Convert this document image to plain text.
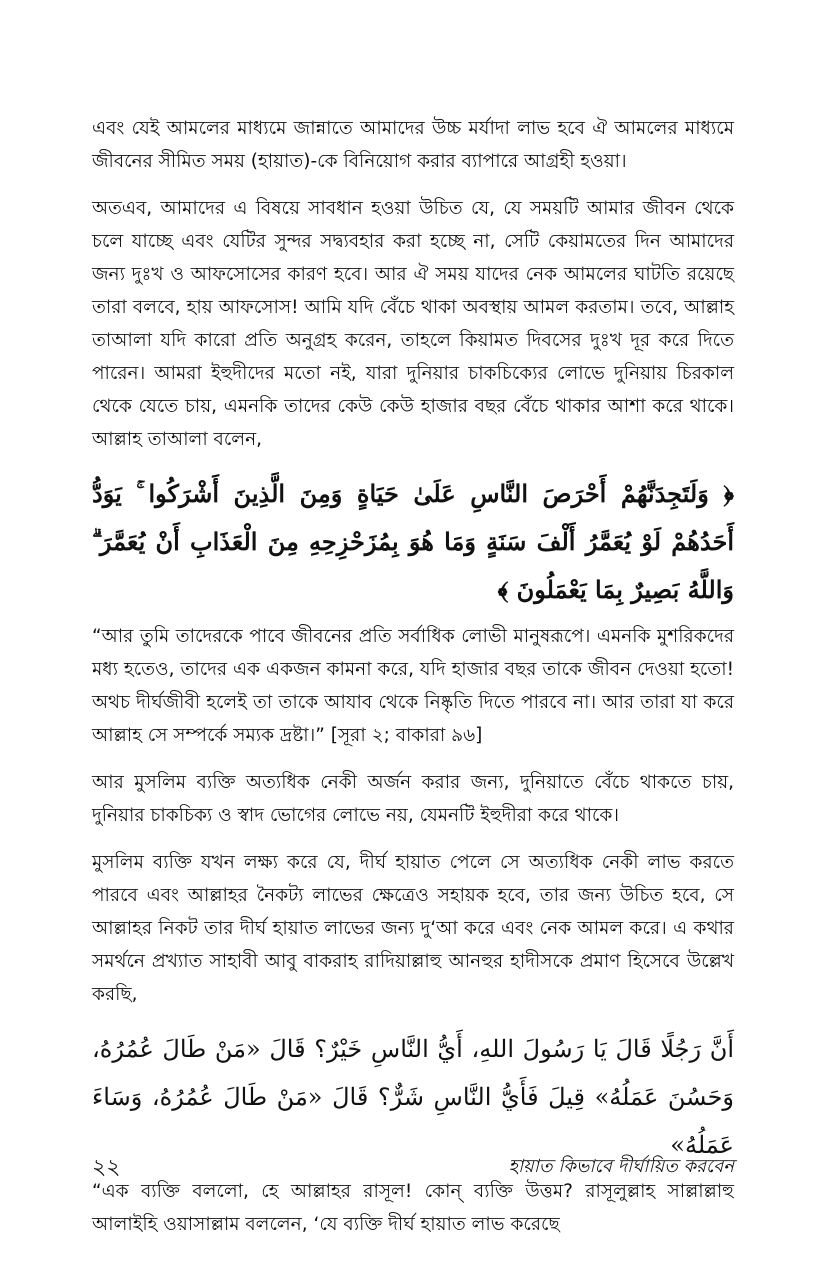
এবং যেই আমলের মাধ্যমে জান্নাতে আমাদের উচ্চ মর্যাদা লাভ হবে ঐ আমলের মাধ্যমে জীবনের সীমিত সময় (হায়াত)-কে বিনিয়োগ করার ব্যাপারে আগ্রহী হওয়া।

অতএব, আমাদের এ বিষয়ে সাবধান হওয়া উচিত যে, যে সময়টি আমার জীবন থেকে চলে যাচ্ছে এবং যেটির সুন্দর সদ্ব্যবহার করা হচ্ছে না, সেটি কেয়ামতের দিন আমাদের জন্য দুঃখ ও আফসোসের কারণ হবে। আর ঐ সময় যাদের নেক আমলের ঘাটতি রয়েছে তারা বলবে, হায় আফসোস! আমি যদি বেঁচে থাকা অবস্থায় আমল করতাম। তবে, আল্লাহ তাআলা যদি কারো প্রতি অনুগ্রহ করেন, তাহলে কিয়ামত দিবসের দুঃখ দূর করে দিতে পারেন। আমরা ইহুদীদের মতো নই, যারা দুনিয়ার চাকচিক্যের লোভে দুনিয়ায় চিরকাল থেকে যেতে চায়, এমনকি তাদের কেউ কেউ হাজার বছর বেঁচে থাকার আশা করে থাকে। আল্লাহ তাআলা বলেন,

﴿ وَلَتَجِدَنَّهُمْ أَحْرَصَ النَّاسِ عَلَىٰ حَيَاةٍ وَمِنَ الَّذِينَ أَشْرَكُوا ۚ يَوَدُّ أَحَدُهُمْ لَوْ يُعَمَّرُ أَلْفَ سَنَةٍ وَمَا هُوَ بِمُزَحْزِحِهِ مِنَ الْعَذَابِ أَنْ يُعَمَّرَ ۗ وَاللَّهُ بَصِيرٌ بِمَا يَعْمَلُونَ ﴾

“আর তুমি তাদেরকে পাবে জীবনের প্রতি সর্বাধিক লোভী মানুষরূপে। এমনকি মুশরিকদের মধ্য হতেও, তাদের এক একজন কামনা করে, যদি হাজার বছর তাকে জীবন দেওয়া হতো! অথচ দীর্ঘজীবী হলেই তা তাকে আযাব থেকে নিষ্কৃতি দিতে পারবে না। আর তারা যা করে আল্লাহ সে সম্পর্কে সম্যক দ্রষ্টা।” [সূরা ২; বাকারা ৯৬]

আর মুসলিম ব্যক্তি অত্যধিক নেকী অর্জন করার জন্য, দুনিয়াতে বেঁচে থাকতে চায়, দুনিয়ার চাকচিক্য ও স্বাদ ভোগের লোভে নয়, যেমনটি ইহুদীরা করে থাকে।

মুসলিম ব্যক্তি যখন লক্ষ্য করে যে, দীর্ঘ হায়াত পেলে সে অত্যধিক নেকী লাভ করতে পারবে এবং আল্লাহর নৈকট্য লাভের ক্ষেত্রেও সহায়ক হবে, তার জন্য উচিত হবে, সে আল্লাহর নিকট তার দীর্ঘ হায়াত লাভের জন্য দু‘আ করে এবং নেক আমল করে। এ কথার সমর্থনে প্রখ্যাত সাহাবী আবু বাকরাহ রাদিয়াল্লাহু আনহুর হাদীসকে প্রমাণ হিসেবে উল্লেখ করছি,

أَنَّ رَجُلًا قَالَ يَا رَسُولَ اللهِ، أَيُّ النَّاسِ خَيْرٌ؟ قَالَ «مَنْ طَالَ عُمُرُهُ، وَحَسُنَ عَمَلُهُ» قِيلَ فَأَيُّ النَّاسِ شَرٌّ؟ قَالَ «مَنْ طَالَ عُمُرُهُ، وَسَاءَ عَمَلُهُ»

“এক ব্যক্তি বললো, হে আল্লাহর রাসূল! কোন্ ব্যক্তি উত্তম? রাসূলুল্লাহ সাল্লাল্লাহু আলাইহি ওয়াসাল্লাম বললেন, ‘যে ব্যক্তি দীর্ঘ হায়াত লাভ করেছে

২২	হায়াত কিভাবে দীর্ঘায়িত করবেন
